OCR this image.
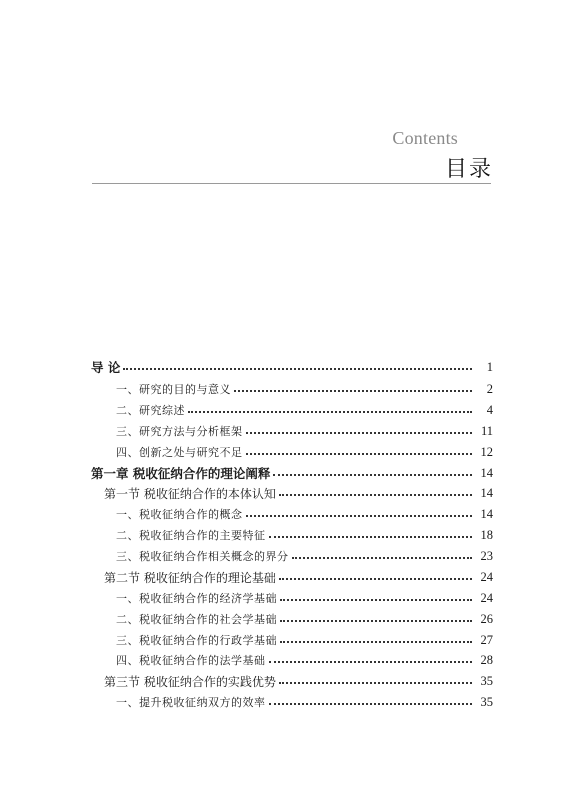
Contents
目录
导 论	1
一、研究的目的与意义	2
二、研究综述	4
三、研究方法与分析框架	11
四、创新之处与研究不足	12
第一章 税收征纳合作的理论阐释	14
第一节 税收征纳合作的本体认知	14
一、税收征纳合作的概念	14
二、税收征纳合作的主要特征	18
三、税收征纳合作相关概念的界分	23
第二节 税收征纳合作的理论基础	24
一、税收征纳合作的经济学基础	24
二、税收征纳合作的社会学基础	26
三、税收征纳合作的行政学基础	27
四、税收征纳合作的法学基础	28
第三节 税收征纳合作的实践优势	35
一、提升税收征纳双方的效率	35
